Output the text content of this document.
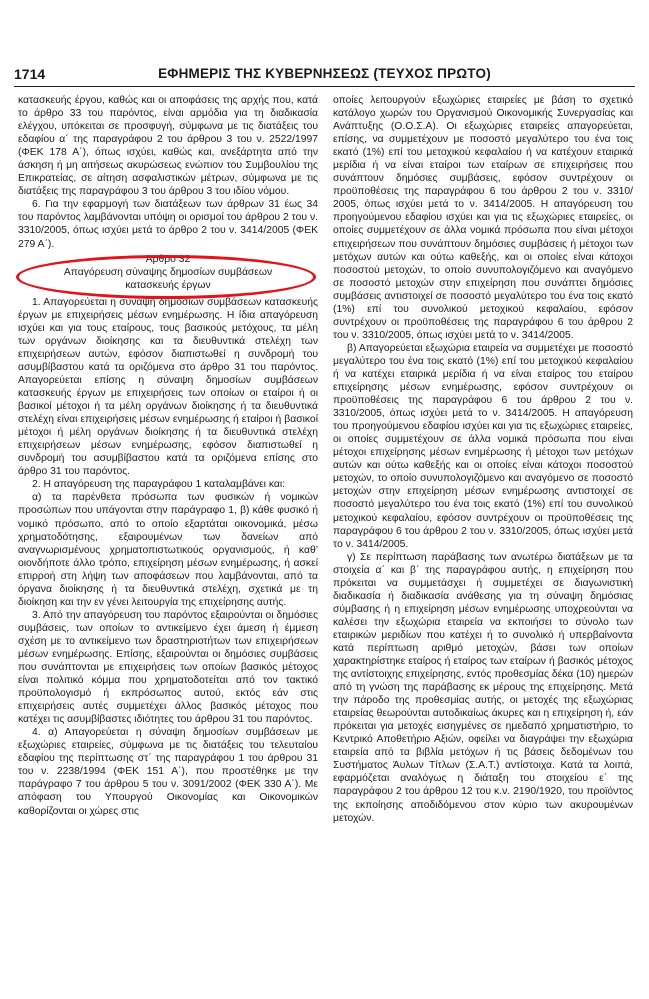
1714	ΕΦΗΜΕΡΙΣ ΤΗΣ ΚΥΒΕΡΝΗΣΕΩΣ (ΤΕΥΧΟΣ ΠΡΩΤΟ)

κατασκευής έργου, καθώς και οι αποφάσεις της αρχής που, κατά το άρθρο 33 του παρόντος, είναι αρμόδια για τη διαδικασία ελέγχου, υπόκειται σε προσφυγή, σύμφωνα με τις διατάξεις του εδαφίου α΄ της παραγράφου 2 του άρθρου 3 του ν. 2522/1997 (ΦΕΚ 178 Α΄), όπως ισχύει, καθώς και, ανεξάρτητα από την άσκηση ή μη αιτήσεως ακυρώσεως ενώπιον του Συμβουλίου της Επικρατείας, σε αίτηση ασφαλιστικών μέτρων, σύμφωνα με τις διατάξεις της παραγράφου 3 του άρθρου 3 του ιδίου νόμου.

6. Για την εφαρμογή των διατάξεων των άρθρων 31 έως 34 του παρόντος λαμβάνονται υπόψη οι ορισμοί του άρθρου 2 του ν. 3310/2005, όπως ισχύει μετά το άρθρο 2 του ν. 3414/2005 (ΦΕΚ 279 Α΄).

Άρθρο 32

Απαγόρευση σύναψης δημοσίων συμβάσεων

κατασκευής έργων

1. Απαγορεύεται η σύναψη δημοσίων συμβάσεων κατασκευής έργων με επιχειρήσεις μέσων ενημέρωσης. Η ίδια απαγόρευση ισχύει και για τους εταίρους, τους βασικούς μετόχους, τα μέλη των οργάνων διοίκησης και τα διευθυντικά στελέχη των επιχειρήσεων αυτών, εφόσον διαπιστωθεί η συνδρομή του ασυμβίβαστου κατά τα οριζόμενα στο άρθρο 31 του παρόντος. Απαγορεύεται επίσης η σύναψη δημοσίων συμβάσεων κατασκευής έργων με επιχειρήσεις των οποίων οι εταίροι ή οι βασικοί μέτοχοι ή τα μέλη οργάνων διοίκησης ή τα διευθυντικά στελέχη είναι επιχειρήσεις μέσων ενημέρωσης ή εταίροι ή βασικοί μέτοχοι ή μέλη οργάνων διοίκησης ή τα διευθυντικά στελέχη επιχειρήσεων μέσων ενημέρωσης, εφόσον διαπιστωθεί η συνδρομή του ασυμβίβαστου κατά τα οριζόμενα επίσης στο άρθρο 31 του παρόντος.

2. Η απαγόρευση της παραγράφου 1 καταλαμβάνει και:

α) τα παρένθετα πρόσωπα των φυσικών ή νομικών προσώπων που υπάγονται στην παράγραφο 1, β) κάθε φυσικό ή νομικό πρόσωπο, από το οποίο εξαρτάται οικονομικά, μέσω χρηματοδότησης, εξαιρουμένων των δανείων από αναγνωρισμένους χρηματοπιστωτικούς οργανισμούς, ή καθ’ οιονδήποτε άλλο τρόπο, επιχείρηση μέσων ενημέρωσης, ή ασκεί επιρροή στη λήψη των αποφάσεων που λαμβάνονται, από τα όργανα διοίκησης ή τα διευθυντικά στελέχη, σχετικά με τη διοίκηση και την εν γένει λειτουργία της επιχείρησης αυτής.

3. Από την απαγόρευση του παρόντος εξαιρούνται οι δημόσιες συμβάσεις, των οποίων το αντικείμενο έχει άμεση ή έμμεση σχέση με το αντικείμενο των δραστηριοτήτων των επιχειρήσεων μέσων ενημέρωσης. Επίσης, εξαιρούνται οι δημόσιες συμβάσεις που συνάπτονται με επιχειρήσεις των οποίων βασικός μέτοχος είναι πολιτικό κόμμα που χρηματοδοτείται από τον τακτικό προϋπολογισμό ή εκπρόσωπος αυτού, εκτός εάν στις επιχειρήσεις αυτές συμμετέχει άλλος βασικός μέτοχος που κατέχει τις ασυμβίβαστες ιδιότητες του άρθρου 31 του παρόντος.

4. α) Απαγορεύεται η σύναψη δημοσίων συμβάσεων με εξωχώριες εταιρείες, σύμφωνα με τις διατάξεις του τελευταίου εδαφίου της περίπτωσης στ΄ της παραγράφου 1 του άρθρου 31 του ν. 2238/1994 (ΦΕΚ 151 Α΄), που προστέθηκε με την παράγραφο 7 του άρθρου 5 του ν. 3091/2002 (ΦΕΚ 330 Α΄). Με απόφαση του Υπουργού Οικονομίας και Οικονομικών καθορίζονται οι χώρες στις

οποίες λειτουργούν εξωχώριες εταιρείες με βάση το σχετικό κατάλογο χωρών του Οργανισμού Οικονομικής Συνεργασίας και Ανάπτυξης (Ο.Ο.Σ.Α). Οι εξωχώριες εταιρείες απαγορεύεται, επίσης, να συμμετέχουν με ποσοστό μεγαλύτερο του ένα τοις εκατό (1%) επί του μετοχικού κεφαλαίου ή να κατέχουν εταιρικά μερίδια ή να είναι εταίροι των εταίρων σε επιχειρήσεις που συνάπτουν δημόσιες συμβάσεις, εφόσον συντρέχουν οι προϋποθέσεις της παραγράφου 6 του άρθρου 2 του ν. 3310/ 2005, όπως ισχύει μετά το ν. 3414/2005. Η απαγόρευση του προηγούμενου εδαφίου ισχύει και για τις εξωχώριες εταιρείες, οι οποίες συμμετέχουν σε άλλα νομικά πρόσωπα που είναι μέτοχοι επιχειρήσεων που συνάπτουν δημόσιες συμβάσεις ή μέτοχοι των μετόχων αυτών και ούτω καθεξής, και οι οποίες είναι κάτοχοι ποσοστού μετοχών, το οποίο συνυπολογιζόμενο και αναγόμενο σε ποσοστό μετοχών στην επιχείρηση που συνάπτει δημόσιες συμβάσεις αντιστοιχεί σε ποσοστό μεγαλύτερο του ένα τοις εκατό (1%) επί του συνολικού μετοχικού κεφαλαίου, εφόσον συντρέχουν οι προϋποθέσεις της παραγράφου 6 του άρθρου 2 του ν. 3310/2005, όπως ισχύει μετά το ν. 3414/2005.

β) Απαγορεύεται εξωχώρια εταιρεία να συμμετέχει με ποσοστό μεγαλύτερο του ένα τοις εκατό (1%) επί του μετοχικού κεφαλαίου ή να κατέχει εταιρικά μερίδια ή να είναι εταίρος του εταίρου επιχείρησης μέσων ενημέρωσης, εφόσον συντρέχουν οι προϋποθέσεις της παραγράφου 6 του άρθρου 2 του ν. 3310/2005, όπως ισχύει μετά το ν. 3414/2005. Η απαγόρευση του προηγούμενου εδαφίου ισχύει και για τις εξωχώριες εταιρείες, οι οποίες συμμετέχουν σε άλλα νομικά πρόσωπα που είναι μέτοχοι επιχείρησης μέσων ενημέρωσης ή μέτοχοι των μετόχων αυτών και ούτω καθεξής και οι οποίες είναι κάτοχοι ποσοστού μετοχών, το οποίο συνυπολογιζόμενο και αναγόμενο σε ποσοστό μετοχών στην επιχείρηση μέσων ενημέρωσης αντιστοιχεί σε ποσοστό μεγαλύτερο του ένα τοις εκατό (1%) επί του συνολικού μετοχικού κεφαλαίου, εφόσον συντρέχουν οι προϋποθέσεις της παραγράφου 6 του άρθρου 2 του ν. 3310/2005, όπως ισχύει μετά το ν. 3414/2005.

γ) Σε περίπτωση παράβασης των ανωτέρω διατάξεων με τα στοιχεία α΄ και β΄ της παραγράφου αυτής, η επιχείρηση που πρόκειται να συμμετάσχει ή συμμετέχει σε διαγωνιστική διαδικασία ή διαδικασία ανάθεσης για τη σύναψη δημόσιας σύμβασης ή η επιχείρηση μέσων ενημέρωσης υποχρεούνται να καλέσει την εξωχώρια εταιρεία να εκποιήσει το σύνολο των εταιρικών μεριδίων που κατέχει ή το συνολικό ή υπερβαίνοντα κατά περίπτωση αριθμό μετοχών, βάσει των οποίων χαρακτηρίστηκε εταίρος ή εταίρος των εταίρων ή βασικός μέτοχος της αντίστοιχης επιχείρησης, εντός προθεσμίας δέκα (10) ημερών από τη γνώση της παράβασης εκ μέρους της επιχείρησης. Μετά την πάροδο της προθεσμίας αυτής, οι μετοχές της εξωχώριας εταιρείας θεωρούνται αυτοδικαίως άκυρες και η επιχείρηση ή, εάν πρόκειται για μετοχές εισηγμένες σε ημεδαπό χρηματιστήριο, το Κεντρικό Αποθετήριο Αξιών, οφείλει να διαγράψει την εξωχώρια εταιρεία από τα βιβλία μετόχων ή τις βάσεις δεδομένων του Συστήματος Άυλων Τίτλων (Σ.Α.Τ.) αντίστοιχα. Κατά τα λοιπά, εφαρμόζεται αναλόγως η διάταξη του στοιχείου ε΄ της παραγράφου 2 του άρθρου 12 του κ.ν. 2190/1920, του προϊόντος της εκποίησης αποδιδόμενου στον κύριο των ακυρουμένων μετοχών.
